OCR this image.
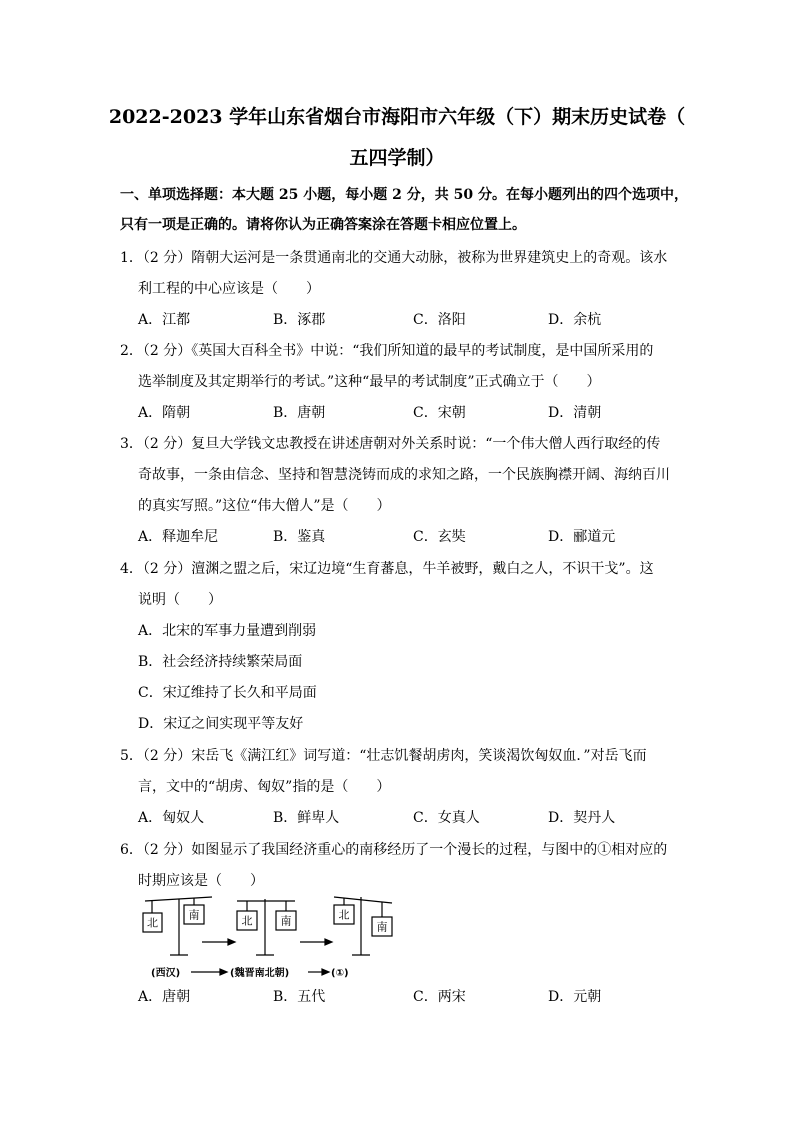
2022-2023 学年山东省烟台市海阳市六年级（下）期末历史试卷（
五四学制）
一、单项选择题：本大题 25 小题，每小题 2 分，共 50 分。在每小题列出的四个选项中，
只有一项是正确的。请将你认为正确答案涂在答题卡相应位置上。
1．（2 分）隋朝大运河是一条贯通南北的交通大动脉，被称为世界建筑史上的奇观。该水
利工程的中心应该是（　　）
A．江都	B．涿郡	C．洛阳	D．余杭
2．（2 分）《英国大百科全书》中说：“我们所知道的最早的考试制度，是中国所采用的
选举制度及其定期举行的考试。”这种“最早的考试制度”正式确立于（　　）
A．隋朝	B．唐朝	C．宋朝	D．清朝
3．（2 分）复旦大学钱文忠教授在讲述唐朝对外关系时说：“一个伟大僧人西行取经的传
奇故事，一条由信念、坚持和智慧浇铸而成的求知之路，一个民族胸襟开阔、海纳百川
的真实写照。”这位“伟大僧人”是（　　）
A．释迦牟尼	B．鉴真	C．玄奘	D．郦道元
4．（2 分）澶渊之盟之后，宋辽边境“生育蕃息，牛羊被野，戴白之人，不识干戈”。这
说明（　　）
A．北宋的军事力量遭到削弱
B．社会经济持续繁荣局面
C．宋辽维持了长久和平局面
D．宋辽之间实现平等友好
5．（2 分）宋岳飞《满江红》词写道：“壮志饥餐胡虏肉，笑谈渴饮匈奴血．”对岳飞而
言，文中的“胡虏、匈奴”指的是（　　）
A．匈奴人	B．鲜卑人	C．女真人	D．契丹人
6．（2 分）如图显示了我国经济重心的南移经历了一个漫长的过程，与图中的①相对应的
时期应该是（　　）
北
南	北	南	北
南
(西汉)	(魏晋南北朝)	(①)
A．唐朝	B．五代	C．两宋	D．元朝
